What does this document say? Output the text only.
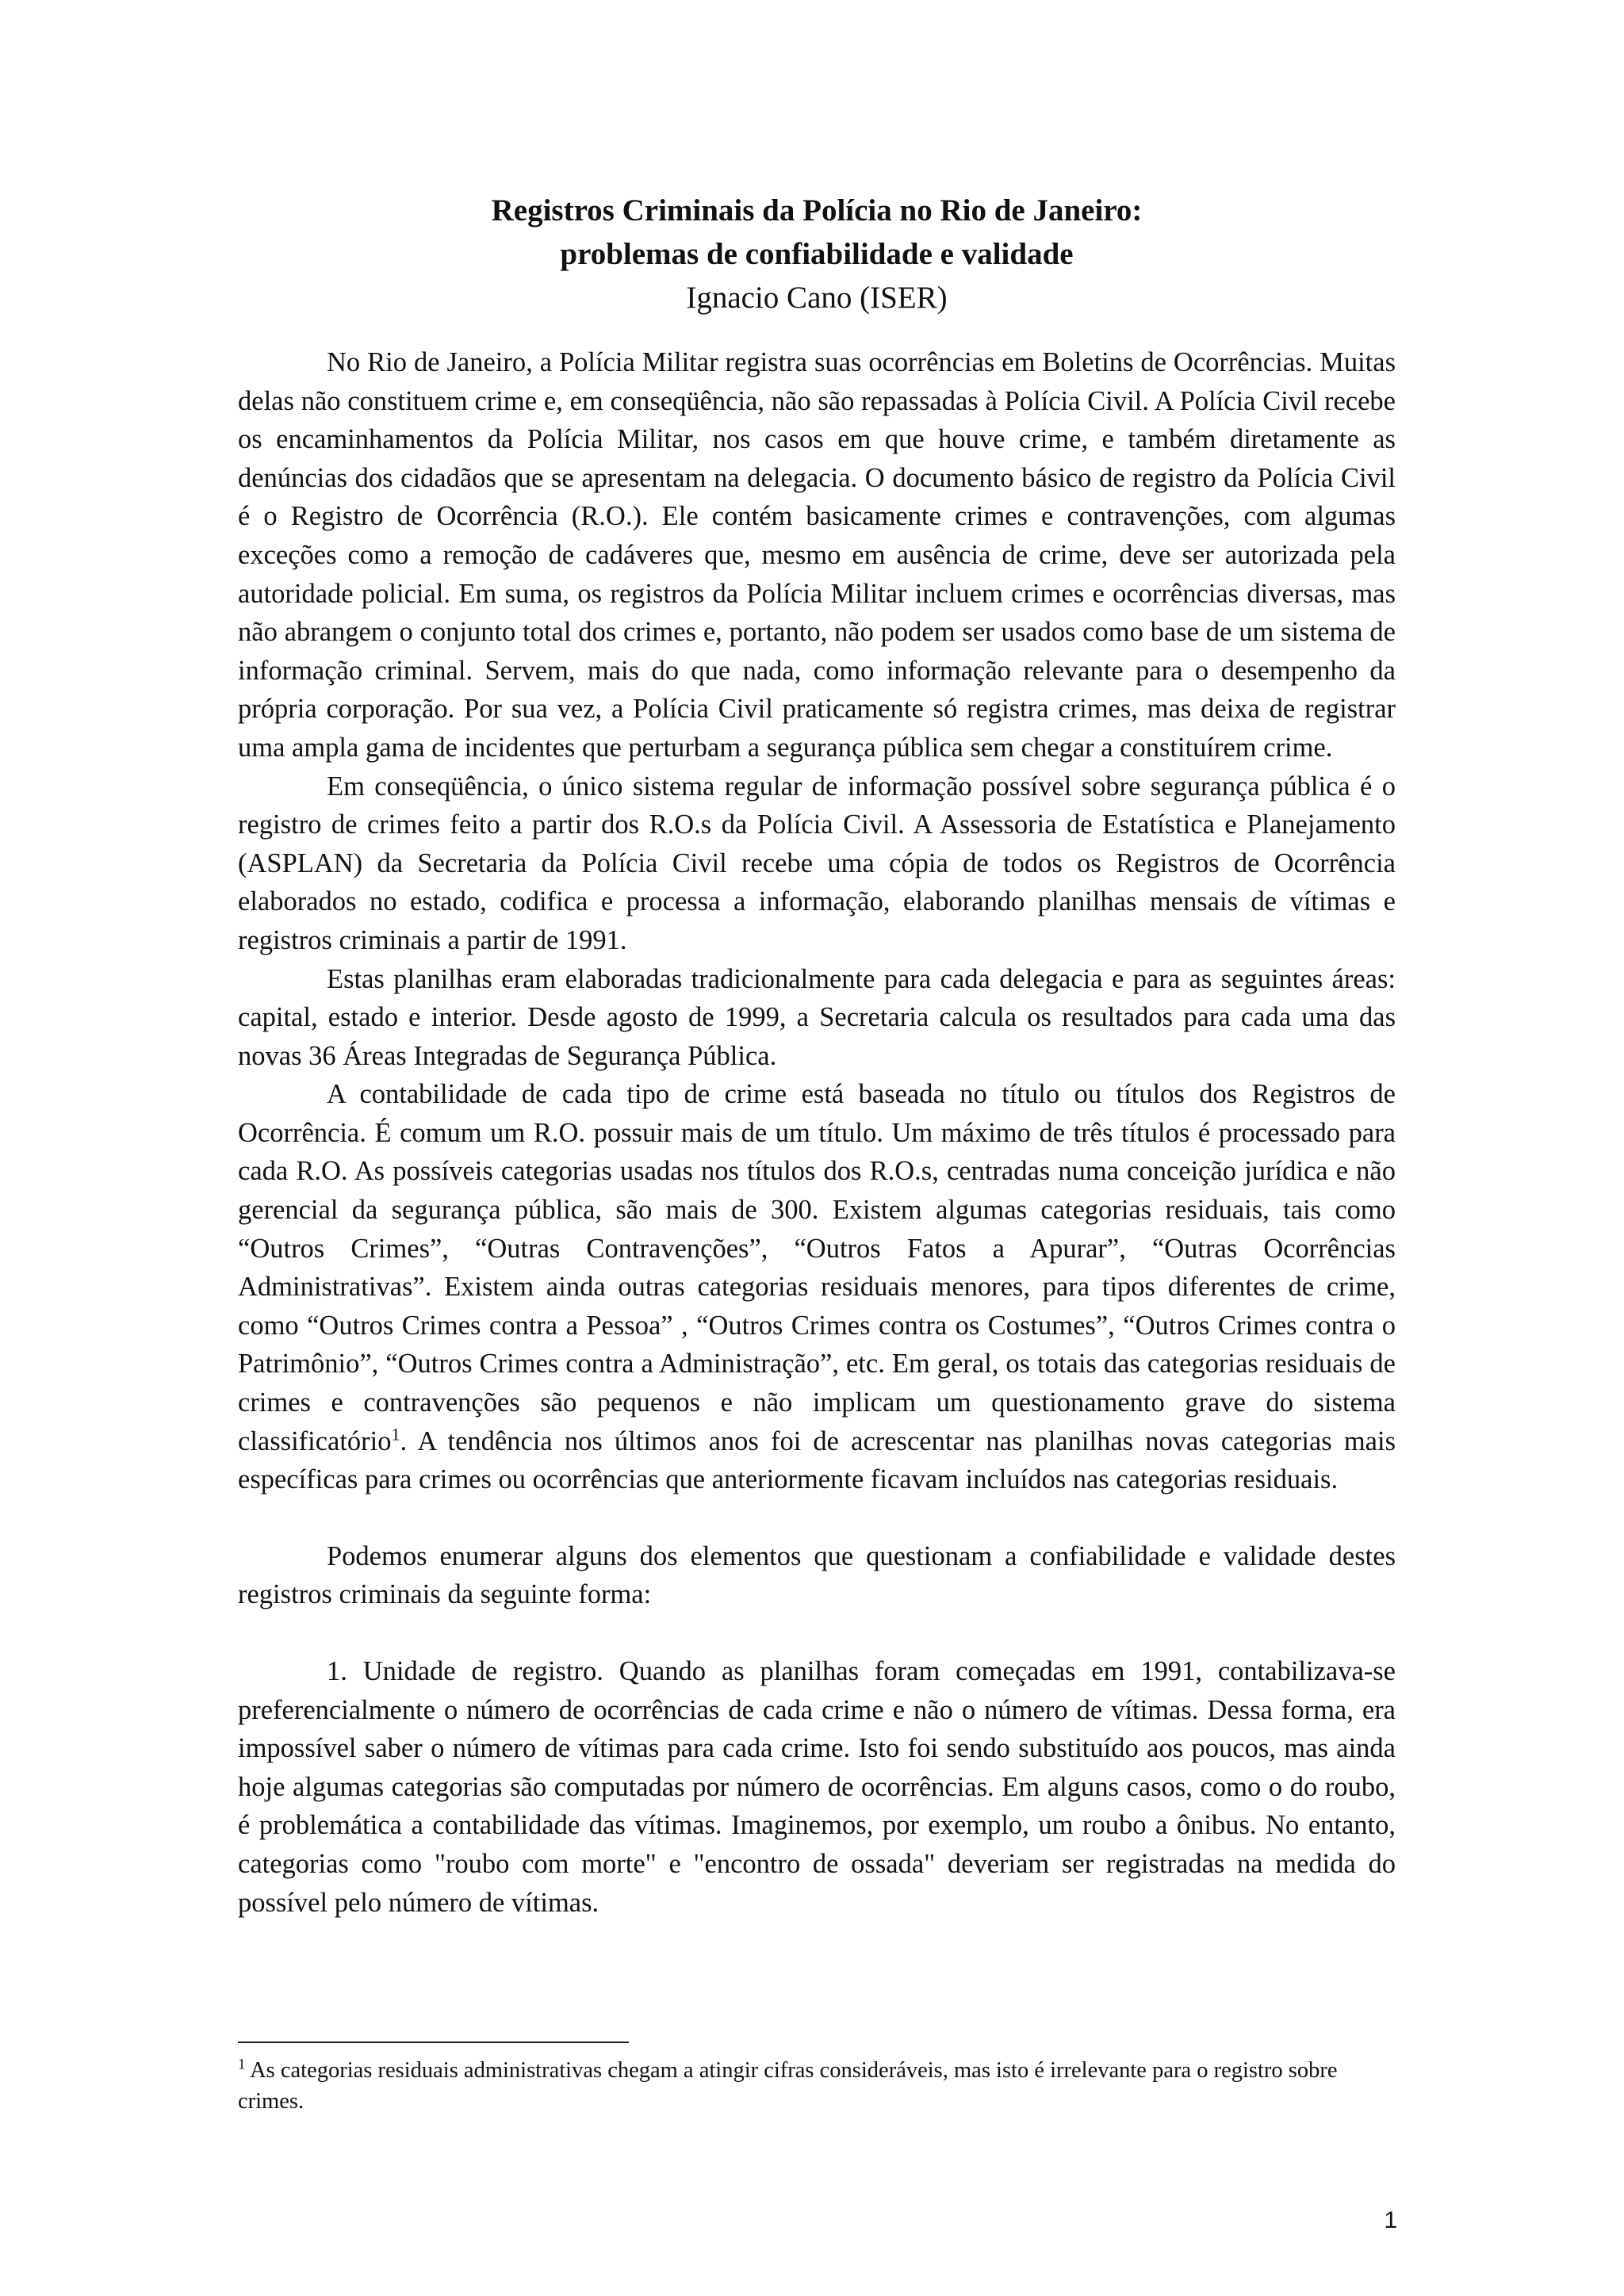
Registros Criminais da Polícia no Rio de Janeiro:

problemas de confiabilidade e validade

Ignacio Cano (ISER)

No Rio de Janeiro, a Polícia Militar registra suas ocorrências em Boletins de Ocorrências. Muitas delas não constituem crime e, em conseqüência, não são repassadas à Polícia Civil. A Polícia Civil recebe os encaminhamentos da Polícia Militar, nos casos em que houve crime, e também diretamente as denúncias dos cidadãos que se apresentam na delegacia. O documento básico de registro da Polícia Civil é o Registro de Ocorrência (R.O.). Ele contém basicamente crimes e contravenções, com algumas exceções como a remoção de cadáveres que, mesmo em ausência de crime, deve ser autorizada pela autoridade policial. Em suma, os registros da Polícia Militar incluem crimes e ocorrências diversas, mas não abrangem o conjunto total dos crimes e, portanto, não podem ser usados como base de um sistema de informação criminal. Servem, mais do que nada, como informação relevante para o desempenho da própria corporação. Por sua vez, a Polícia Civil praticamente só registra crimes, mas deixa de registrar uma ampla gama de incidentes que perturbam a segurança pública sem chegar a constituírem crime.

Em conseqüência, o único sistema regular de informação possível sobre segurança pública é o registro de crimes feito a partir dos R.O.s da Polícia Civil. A Assessoria de Estatística e Planejamento (ASPLAN) da Secretaria da Polícia Civil recebe uma cópia de todos os Registros de Ocorrência elaborados no estado, codifica e processa a informação, elaborando planilhas mensais de vítimas e registros criminais a partir de 1991.

Estas planilhas eram elaboradas tradicionalmente para cada delegacia e para as seguintes áreas: capital, estado e interior. Desde agosto de 1999, a Secretaria calcula os resultados para cada uma das novas 36 Áreas Integradas de Segurança Pública.

A contabilidade de cada tipo de crime está baseada no título ou títulos dos Registros de Ocorrência. É comum um R.O. possuir mais de um título. Um máximo de três títulos é processado para cada R.O. As possíveis categorias usadas nos títulos dos R.O.s, centradas numa conceição jurídica e não gerencial da segurança pública, são mais de 300. Existem algumas categorias residuais, tais como “Outros Crimes”, “Outras Contravenções”, “Outros Fatos a Apurar”, “Outras Ocorrências Administrativas”. Existem ainda outras categorias residuais menores, para tipos diferentes de crime, como “Outros Crimes contra a Pessoa” , “Outros Crimes contra os Costumes”, “Outros Crimes contra o Patrimônio”, “Outros Crimes contra a Administração”, etc. Em geral, os totais das categorias residuais de crimes e contravenções são pequenos e não implicam um questionamento grave do sistema classificatório$^1$. A tendência nos últimos anos foi de acrescentar nas planilhas novas categorias mais específicas para crimes ou ocorrências que anteriormente ficavam incluídos nas categorias residuais.

Podemos enumerar alguns dos elementos que questionam a confiabilidade e validade destes registros criminais da seguinte forma:

1. Unidade de registro. Quando as planilhas foram começadas em 1991, contabilizava-se preferencialmente o número de ocorrências de cada crime e não o número de vítimas. Dessa forma, era impossível saber o número de vítimas para cada crime. Isto foi sendo substituído aos poucos, mas ainda hoje algumas categorias são computadas por número de ocorrências. Em alguns casos, como o do roubo, é problemática a contabilidade das vítimas. Imaginemos, por exemplo, um roubo a ônibus. No entanto, categorias como "roubo com morte" e "encontro de ossada" deveriam ser registradas na medida do possível pelo número de vítimas.

$^1$ As categorias residuais administrativas chegam a atingir cifras consideráveis, mas isto é irrelevante para o registro sobre crimes.
1
